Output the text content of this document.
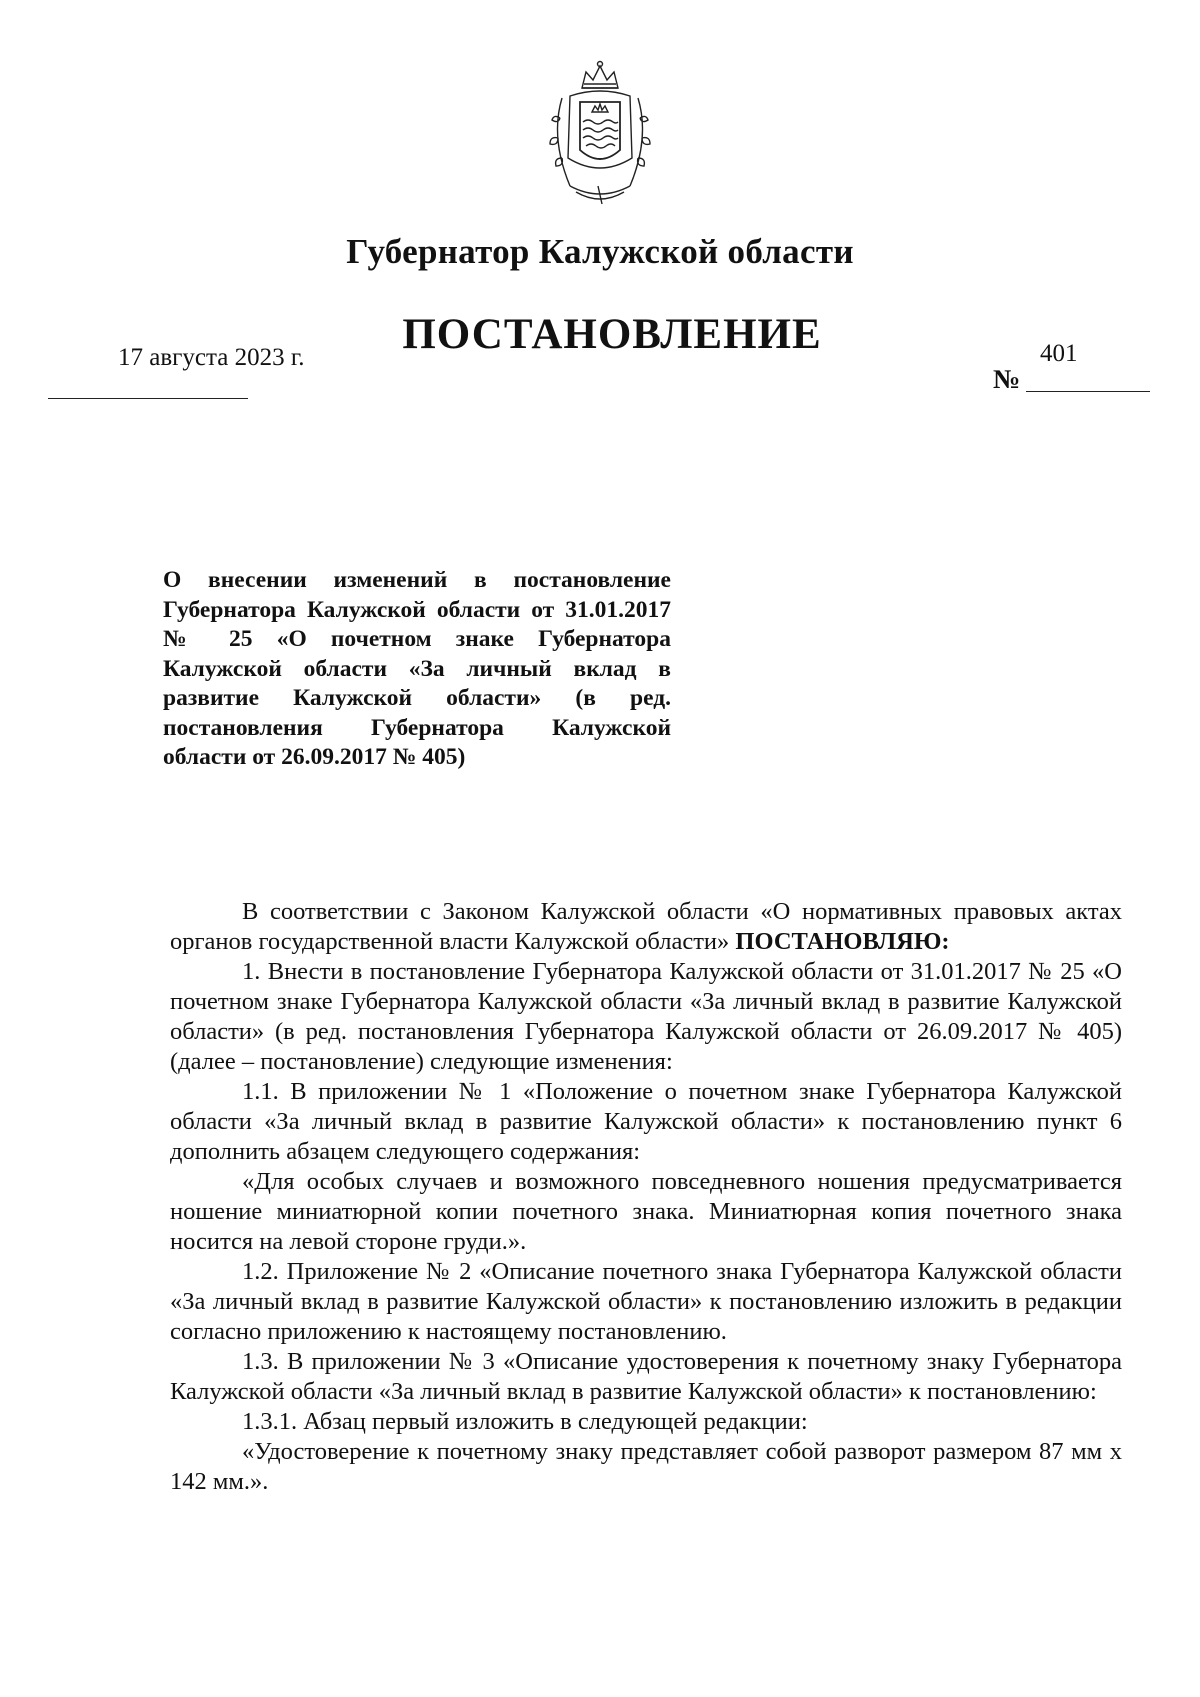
Губернатор Калужской области
ПОСТАНОВЛЕНИЕ
17 августа 2023 г.	401
№
О внесении изменений в постановление Губернатора Калужской области от 31.01.2017 № 25 «О почетном знаке Губернатора Калужской области «За личный вклад в развитие Калужской области» (в ред. постановления Губернатора Калужской области от 26.09.2017 № 405)

В соответствии с Законом Калужской области «О нормативных правовых актах органов государственной власти Калужской области» ПОСТАНОВЛЯЮ:

1. Внести в постановление Губернатора Калужской области от 31.01.2017 № 25 «О почетном знаке Губернатора Калужской области «За личный вклад в развитие Калужской области» (в ред. постановления Губернатора Калужской области от 26.09.2017 № 405) (далее – постановление) следующие изменения:

1.1. В приложении № 1 «Положение о почетном знаке Губернатора Калужской области «За личный вклад в развитие Калужской области» к постановлению пункт 6 дополнить абзацем следующего содержания:

«Для особых случаев и возможного повседневного ношения предусматривается ношение миниатюрной копии почетного знака. Миниатюрная копия почетного знака носится на левой стороне груди.».

1.2. Приложение № 2 «Описание почетного знака Губернатора Калужской области «За личный вклад в развитие Калужской области» к постановлению изложить в редакции согласно приложению к настоящему постановлению.

1.3. В приложении № 3 «Описание удостоверения к почетному знаку Губернатора Калужской области «За личный вклад в развитие Калужской области» к постановлению:

1.3.1. Абзац первый изложить в следующей редакции:

«Удостоверение к почетному знаку представляет собой разворот размером 87 мм х 142 мм.».
